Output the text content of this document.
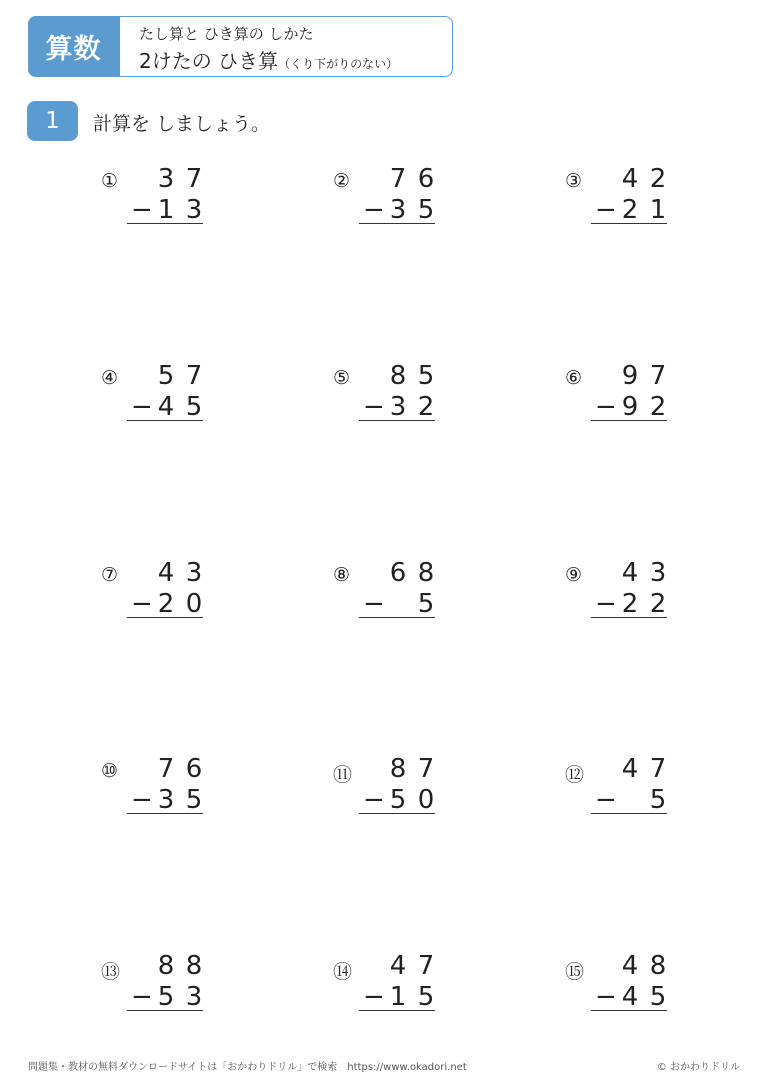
算数	たし算と ひき算の しかた
2けたの ひき算（くり下がりのない）
1	計算を しましょう。
① 3 7
− 1 3
② 7 6
− 3 5
③ 4 2
− 2 1
④ 5 7
− 4 5
⑤ 8 5
− 3 2
⑥ 9 7
− 9 2
⑦ 4 3
− 2 0
⑧ 6 8
− 5
⑨ 4 3
− 2 2
⑩ 7 6
− 3 5
⑪ 8 7
− 5 0
⑫ 4 7
− 5
⑬ 8 8
− 5 3
⑭ 4 7
− 1 5
⑮ 4 8
− 4 5
問題集・教材の無料ダウンロードサイトは「おかわりドリル」で検索　https://www.okadori.net	© おかわりドリル
